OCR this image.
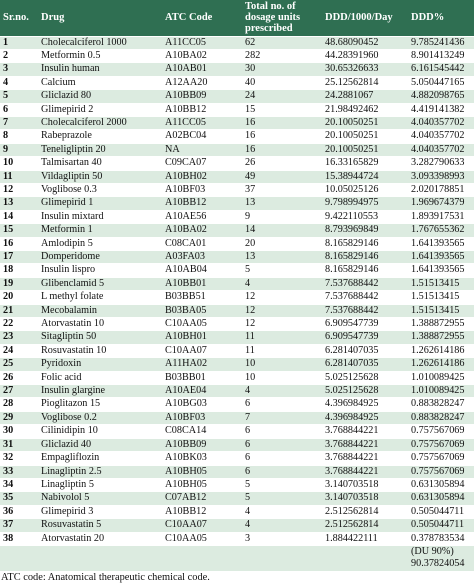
Sr.no.	Drug	ATC Code	Total no. of dosage units prescribed	DDD/1000/Day	DDD%
1	Cholecalciferol 1000	A11CC05	62	48.68090452	9.785241436
2	Metformin 0.5	A10BA02	282	44.28391960	8.901413249
3	Insulin human	A10AB01	30	30.65326633	6.161545442
4	Calcium	A12AA20	40	25.12562814	5.050447165
5	Gliclazid 80	A10BB09	24	24.2881067	4.882098765
6	Glimepirid 2	A10BB12	15	21.98492462	4.419141382
7	Cholecalciferol 2000	A11CC05	16	20.10050251	4.040357702
8	Rabeprazole	A02BC04	16	20.10050251	4.040357702
9	Teneligliptin 20	NA	16	20.10050251	4.040357702
10	Talmisartan 40	C09CA07	26	16.33165829	3.282790633
11	Vildagliptin 50	A10BH02	49	15.38944724	3.093398993
12	Voglibose 0.3	A10BF03	37	10.05025126	2.020178851
13	Glimepirid 1	A10BB12	13	9.798994975	1.969674379
14	Insulin mixtard	A10AE56	9	9.422110553	1.893917531
15	Metformin 1	A10BA02	14	8.793969849	1.767655362
16	Amlodipin 5	C08CA01	20	8.165829146	1.641393565
17	Domperidome	A03FA03	13	8.165829146	1.641393565
18	Insulin lispro	A10AB04	5	8.165829146	1.641393565
19	Glibenclamid 5	A10BB01	4	7.537688442	1.51513415
20	L methyl folate	B03BB51	12	7.537688442	1.51513415
21	Mecobalamin	B03BA05	12	7.537688442	1.51513415
22	Atorvastatin 10	C10AA05	12	6.909547739	1.388872955
23	Sitagliptin 50	A10BH01	11	6.909547739	1.388872955
24	Rosuvastatin 10	C10AA07	11	6.281407035	1.262614186
25	Pyridoxin	A11HA02	10	6.281407035	1.262614186
26	Folic acid	B03BB01	10	5.025125628	1.010089425
27	Insulin glargine	A10AE04	4	5.025125628	1.010089425
28	Pioglitazon 15	A10BG03	6	4.396984925	0.883828247
29	Voglibose 0.2	A10BF03	7	4.396984925	0.883828247
30	Cilinidipin 10	C08CA14	6	3.768844221	0.757567069
31	Gliclazid 40	A10BB09	6	3.768844221	0.757567069
32	Empagliflozin	A10BK03	6	3.768844221	0.757567069
33	Linagliptin 2.5	A10BH05	6	3.768844221	0.757567069
34	Linagliptin 5	A10BH05	5	3.140703518	0.631305894
35	Nabivolol 5	C07AB12	5	3.140703518	0.631305894
36	Glimepirid 3	A10BB12	4	2.512562814	0.505044711
37	Rosuvastatin 5	C10AA07	4	2.512562814	0.505044711
38	Atorvastatin 20	C10AA05	3	1.884422111	0.378783534
					(DU 90%) 90.37824054
ATC code: Anatomical therapeutic chemical code.
